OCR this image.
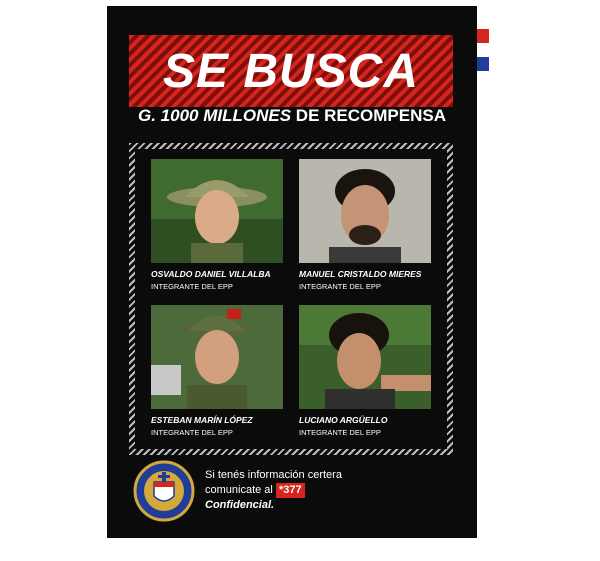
SE BUSCA
G. 1000 MILLONES DE RECOMPENSA
OSVALDO DANIEL VILLALBA
INTEGRANTE DEL EPP
MANUEL CRISTALDO MIERES
INTEGRANTE DEL EPP
ESTEBAN MARÍN LÓPEZ
INTEGRANTE DEL EPP
LUCIANO ARGÜELLO
INTEGRANTE DEL EPP
Si tenés información certera
comunicate al *377
Confidencial.
